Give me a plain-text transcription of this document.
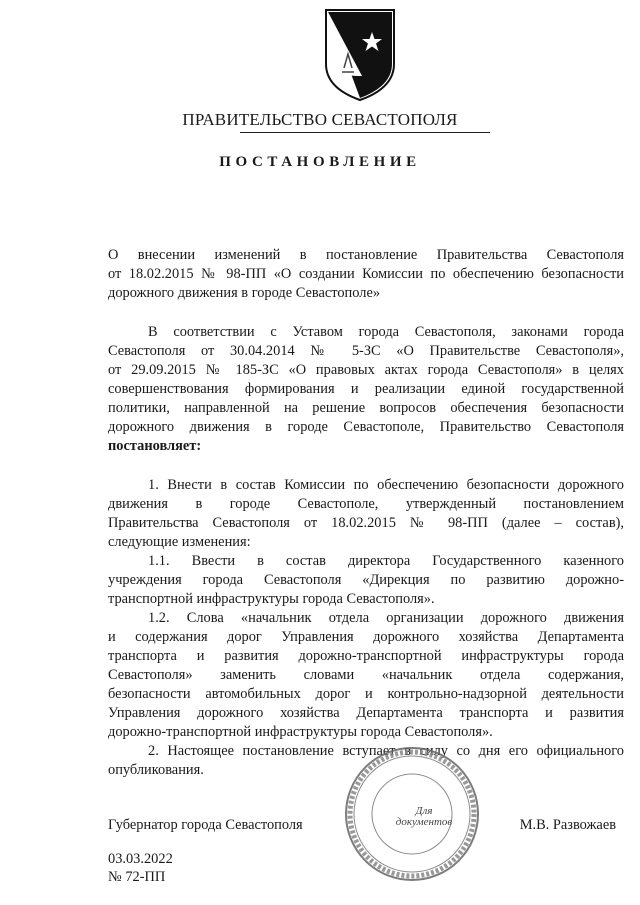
ПРАВИТЕЛЬСТВО СЕВАСТОПОЛЯ
ПОСТАНОВЛЕНИЕ
О внесении изменений в постановление Правительства Севастополя
от 18.02.2015 № 98-ПП «О создании Комиссии по обеспечению безопасности
дорожного движения в городе Севастополе»
В соответствии с Уставом города Севастополя, законами города
Севастополя от 30.04.2014 № 5-ЗС «О Правительстве Севастополя»,
от 29.09.2015 № 185-ЗС «О правовых актах города Севастополя» в целях
совершенствования формирования и реализации единой государственной
политики, направленной на решение вопросов обеспечения безопасности
дорожного движения в городе Севастополе, Правительство Севастополя
постановляет:
1. Внести в состав Комиссии по обеспечению безопасности дорожного
движения в городе Севастополе, утвержденный постановлением
Правительства Севастополя от 18.02.2015 № 98-ПП (далее – состав),
следующие изменения:
1.1. Ввести в состав директора Государственного казенного
учреждения города Севастополя «Дирекция по развитию дорожно-
транспортной инфраструктуры города Севастополя».
1.2. Слова «начальник отдела организации дорожного движения
и содержания дорог Управления дорожного хозяйства Департамента
транспорта и развития дорожно-транспортной инфраструктуры города
Севастополя» заменить словами «начальник отдела содержания,
безопасности автомобильных дорог и контрольно-надзорной деятельности
Управления дорожного хозяйства Департамента транспорта и развития
дорожно-транспортной инфраструктуры города Севастополя».
2. Настоящее постановление вступает в силу со дня его официального
опубликования.
Для
документов
Губернатор города Севастополя	М.В. Развожаев
03.03.2022
№ 72-ПП
